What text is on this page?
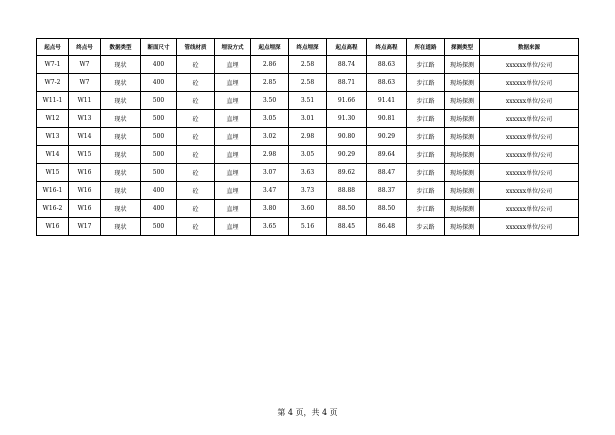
起点号	终点号	数据类型	断面尺寸	管线材质	埋设方式	起点埋深	终点埋深	起点高程	终点高程	所在道路	探测类型	数据来源
W7-1	W7	现状	400	砼	直埋	2.86	2.58	88.74	88.63	步江路	现场探测	xxxxxx单位/公司
W7-2	W7	现状	400	砼	直埋	2.85	2.58	88.71	88.63	步江路	现场探测	xxxxxx单位/公司
W11-1	W11	现状	500	砼	直埋	3.50	3.51	91.66	91.41	步江路	现场探测	xxxxxx单位/公司
W12	W13	现状	500	砼	直埋	3.05	3.01	91.30	90.81	步江路	现场探测	xxxxxx单位/公司
W13	W14	现状	500	砼	直埋	3.02	2.98	90.80	90.29	步江路	现场探测	xxxxxx单位/公司
W14	W15	现状	500	砼	直埋	2.98	3.05	90.29	89.64	步江路	现场探测	xxxxxx单位/公司
W15	W16	现状	500	砼	直埋	3.07	3.63	89.62	88.47	步江路	现场探测	xxxxxx单位/公司
W16-1	W16	现状	400	砼	直埋	3.47	3.73	88.88	88.37	步江路	现场探测	xxxxxx单位/公司
W16-2	W16	现状	400	砼	直埋	3.80	3.60	88.50	88.50	步江路	现场探测	xxxxxx单位/公司
W16	W17	现状	500	砼	直埋	3.65	5.16	88.45	86.48	步云路	现场探测	xxxxxx单位/公司
第 4 页，共 4 页
